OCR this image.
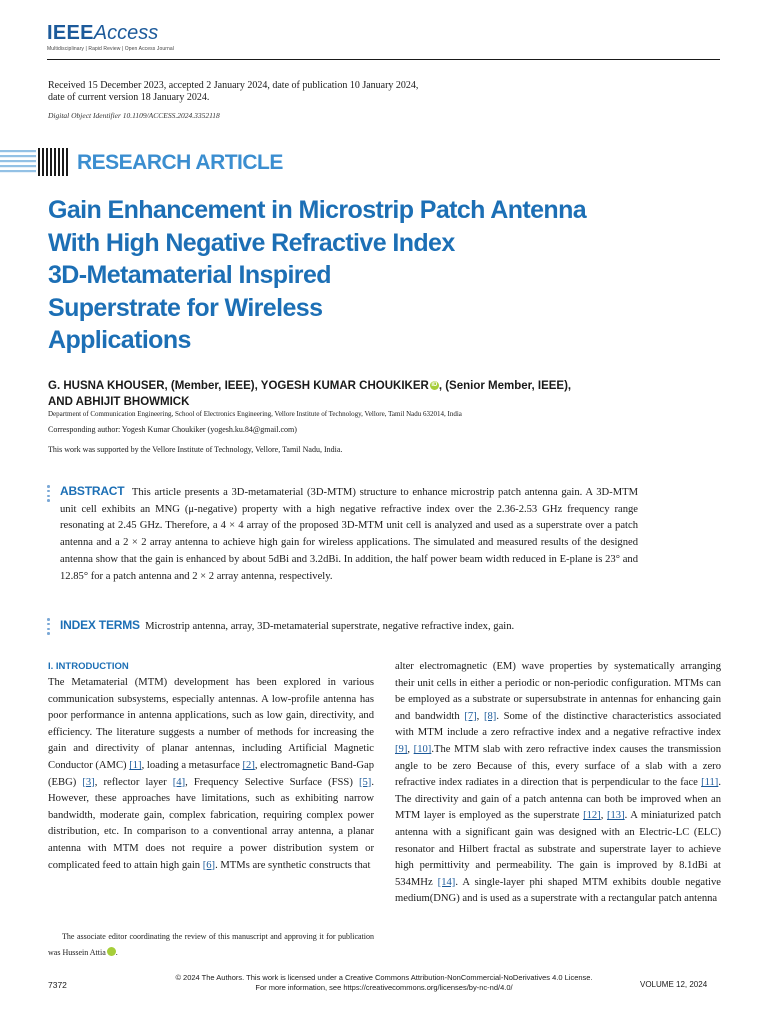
IEEEAccess
Multidisciplinary | Rapid Review | Open Access Journal
Received 15 December 2023, accepted 2 January 2024, date of publication 10 January 2024,
date of current version 18 January 2024.
Digital Object Identifier 10.1109/ACCESS.2024.3352118
RESEARCH ARTICLE
Gain Enhancement in Microstrip Patch Antenna
With High Negative Refractive Index
3D-Metamaterial Inspired
Superstrate for Wireless
Applications
G. HUSNA KHOUSER, (Member, IEEE), YOGESH KUMAR CHOUKIKER iD , (Senior Member, IEEE),
AND ABHIJIT BHOWMICK
Department of Communication Engineering, School of Electronics Engineering, Vellore Institute of Technology, Vellore, Tamil Nadu 632014, India
Corresponding author: Yogesh Kumar Choukiker (yogesh.ku.84@gmail.com)
This work was supported by the Vellore Institute of Technology, Vellore, Tamil Nadu, India.
ABSTRACT This article presents a 3D-metamaterial (3D-MTM) structure to enhance microstrip patch antenna gain. A 3D-MTM unit cell exhibits an MNG (μ-negative) property with a high negative refractive index over the 2.36-2.53 GHz frequency range resonating at 2.45 GHz. Therefore, a 4 × 4 array of the proposed 3D-MTM unit cell is analyzed and used as a superstrate over a patch antenna and a 2 × 2 array antenna to achieve high gain for wireless applications. The simulated and measured results of the designed antenna show that the gain is enhanced by about 5dBi and 3.2dBi. In addition, the half power beam width reduced in E-plane is 23° and 12.85° for a patch antenna and 2 × 2 array antenna, respectively.
INDEX TERMS Microstrip antenna, array, 3D-metamaterial superstrate, negative refractive index, gain.
I. INTRODUCTION

The Metamaterial (MTM) development has been explored in various communication subsystems, especially antennas. A low-profile antenna has poor performance in antenna applications, such as low gain, directivity, and efficiency. The literature suggests a number of methods for increasing the gain and directivity of planar antennas, including Artificial Magnetic Conductor (AMC) [1], loading a metasurface [2], electromagnetic Band-Gap (EBG) [3], reflector layer [4], Frequency Selective Surface (FSS) [5]. However, these approaches have limitations, such as exhibiting narrow bandwidth, moderate gain, complex fabrication, requiring complex power distribution, etc. In comparison to a conventional array antenna, a planar antenna with MTM does not require a power distribution system or complicated feed to attain high gain [6]. MTMs are synthetic constructs that

alter electromagnetic (EM) wave properties by systematically arranging their unit cells in either a periodic or non-periodic configuration. MTMs can be employed as a substrate or supersubstrate in antennas for enhancing gain and bandwidth [7], [8]. Some of the distinctive characteristics associated with MTM include a zero refractive index and a negative refractive index [9], [10].The MTM slab with zero refractive index causes the transmission angle to be zero Because of this, every surface of a slab with a zero refractive index radiates in a direction that is perpendicular to the face [11]. The directivity and gain of a patch antenna can both be improved when an MTM layer is employed as the superstrate [12], [13]. A miniaturized patch antenna with a significant gain was designed with an Electric-LC (ELC) resonator and Hilbert fractal as substrate and superstrate layer to achieve high permittivity and permeability. The gain is improved by 8.1dBi at 534MHz [14]. A single-layer phi shaped MTM exhibits double negative medium(DNG) and is used as a superstrate with a rectangular patch antenna

The associate editor coordinating the review of this manuscript and approving it for publication was Hussein Attia	iD.

7372
© 2024 The Authors. This work is licensed under a Creative Commons Attribution-NonCommercial-NoDerivatives 4.0 License.
For more information, see https://creativecommons.org/licenses/by-nc-nd/4.0/	VOLUME 12, 2024
